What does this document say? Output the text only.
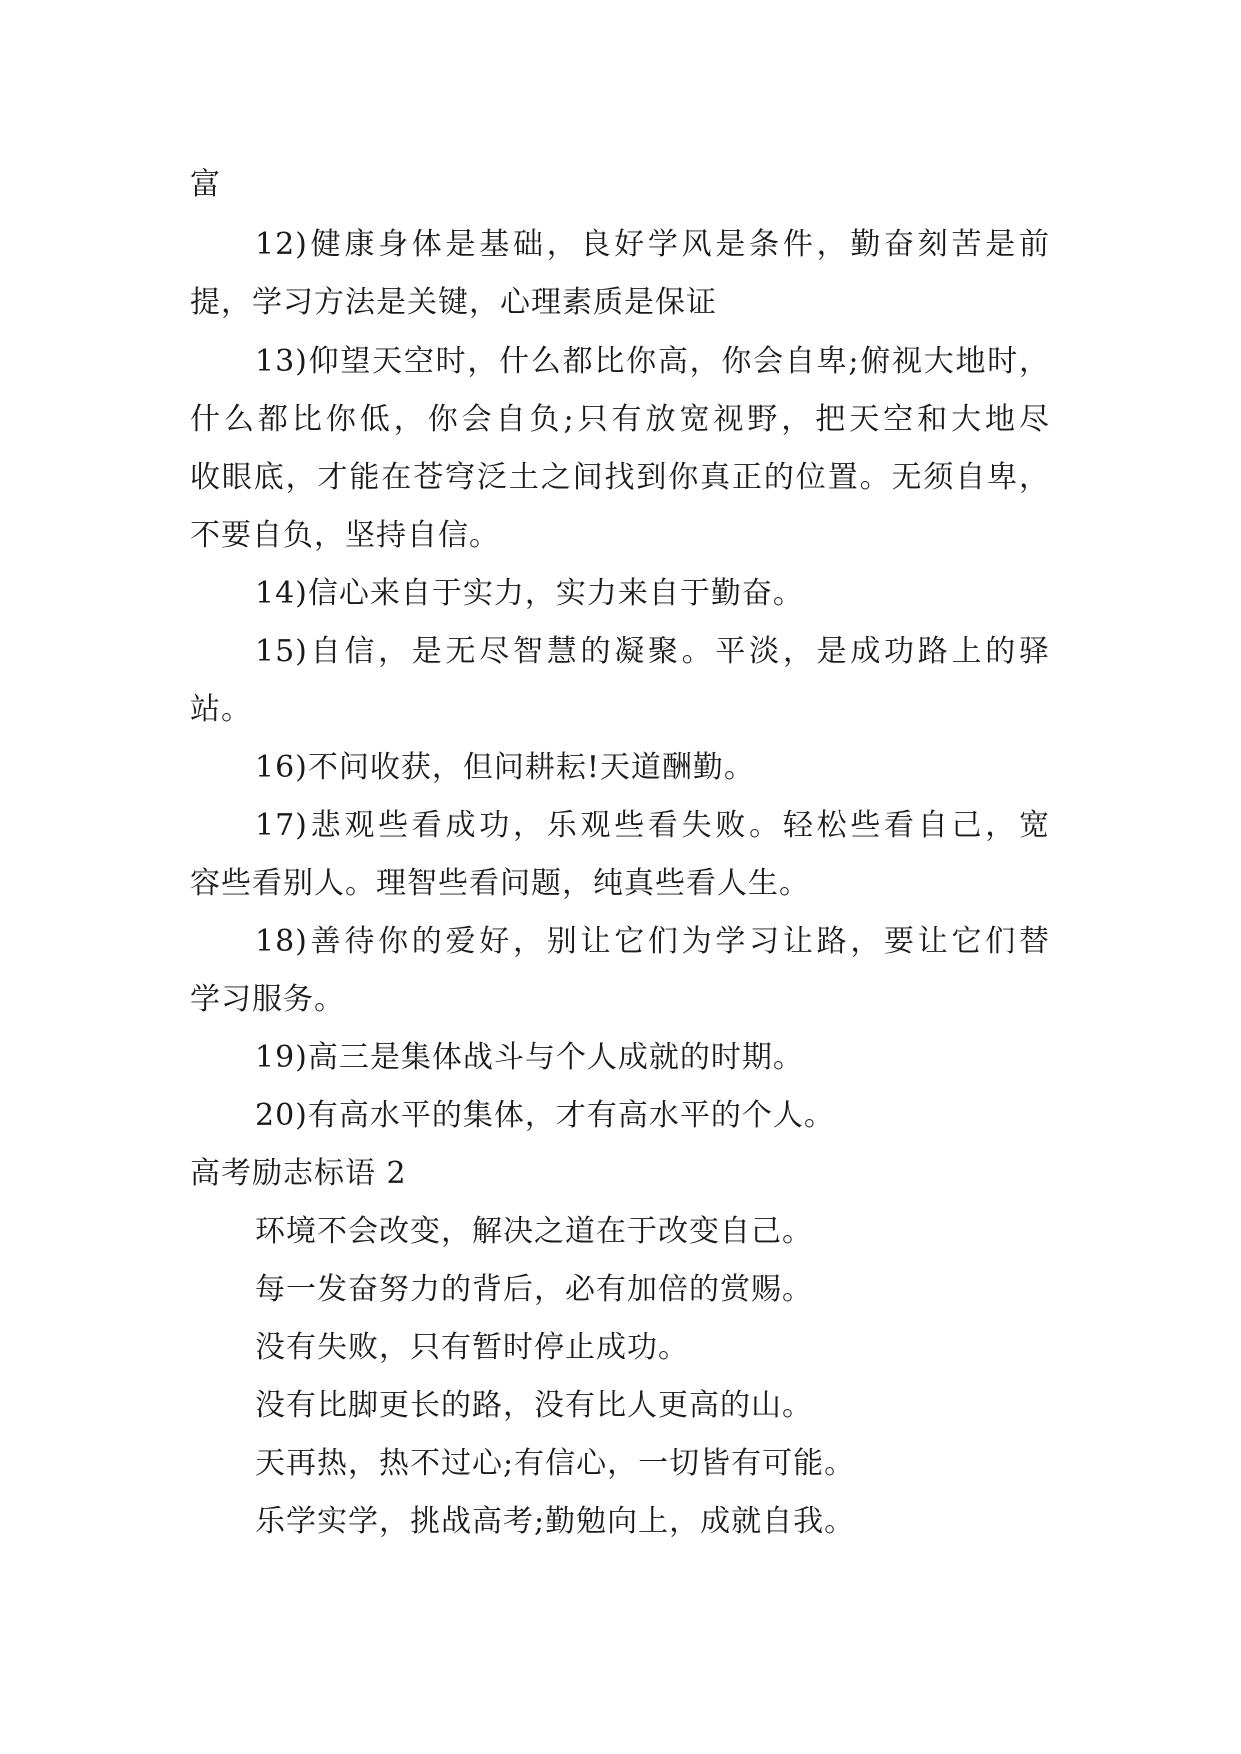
富
12)健康身体是基础，良好学风是条件，勤奋刻苦是前
提，学习方法是关键，心理素质是保证
13)仰望天空时，什么都比你高，你会自卑;俯视大地时，
什么都比你低，你会自负;只有放宽视野，把天空和大地尽
收眼底，才能在苍穹泛土之间找到你真正的位置。无须自卑，
不要自负，坚持自信。
14)信心来自于实力，实力来自于勤奋。
15)自信，是无尽智慧的凝聚。平淡，是成功路上的驿
站。
16)不问收获，但问耕耘!天道酬勤。
17)悲观些看成功，乐观些看失败。轻松些看自己，宽
容些看别人。理智些看问题，纯真些看人生。
18)善待你的爱好，别让它们为学习让路，要让它们替
学习服务。
19)高三是集体战斗与个人成就的时期。
20)有高水平的集体，才有高水平的个人。
高考励志标语 2
环境不会改变，解决之道在于改变自己。
每一发奋努力的背后，必有加倍的赏赐。
没有失败，只有暂时停止成功。
没有比脚更长的路，没有比人更高的山。
天再热，热不过心;有信心，一切皆有可能。
乐学实学，挑战高考;勤勉向上，成就自我。
